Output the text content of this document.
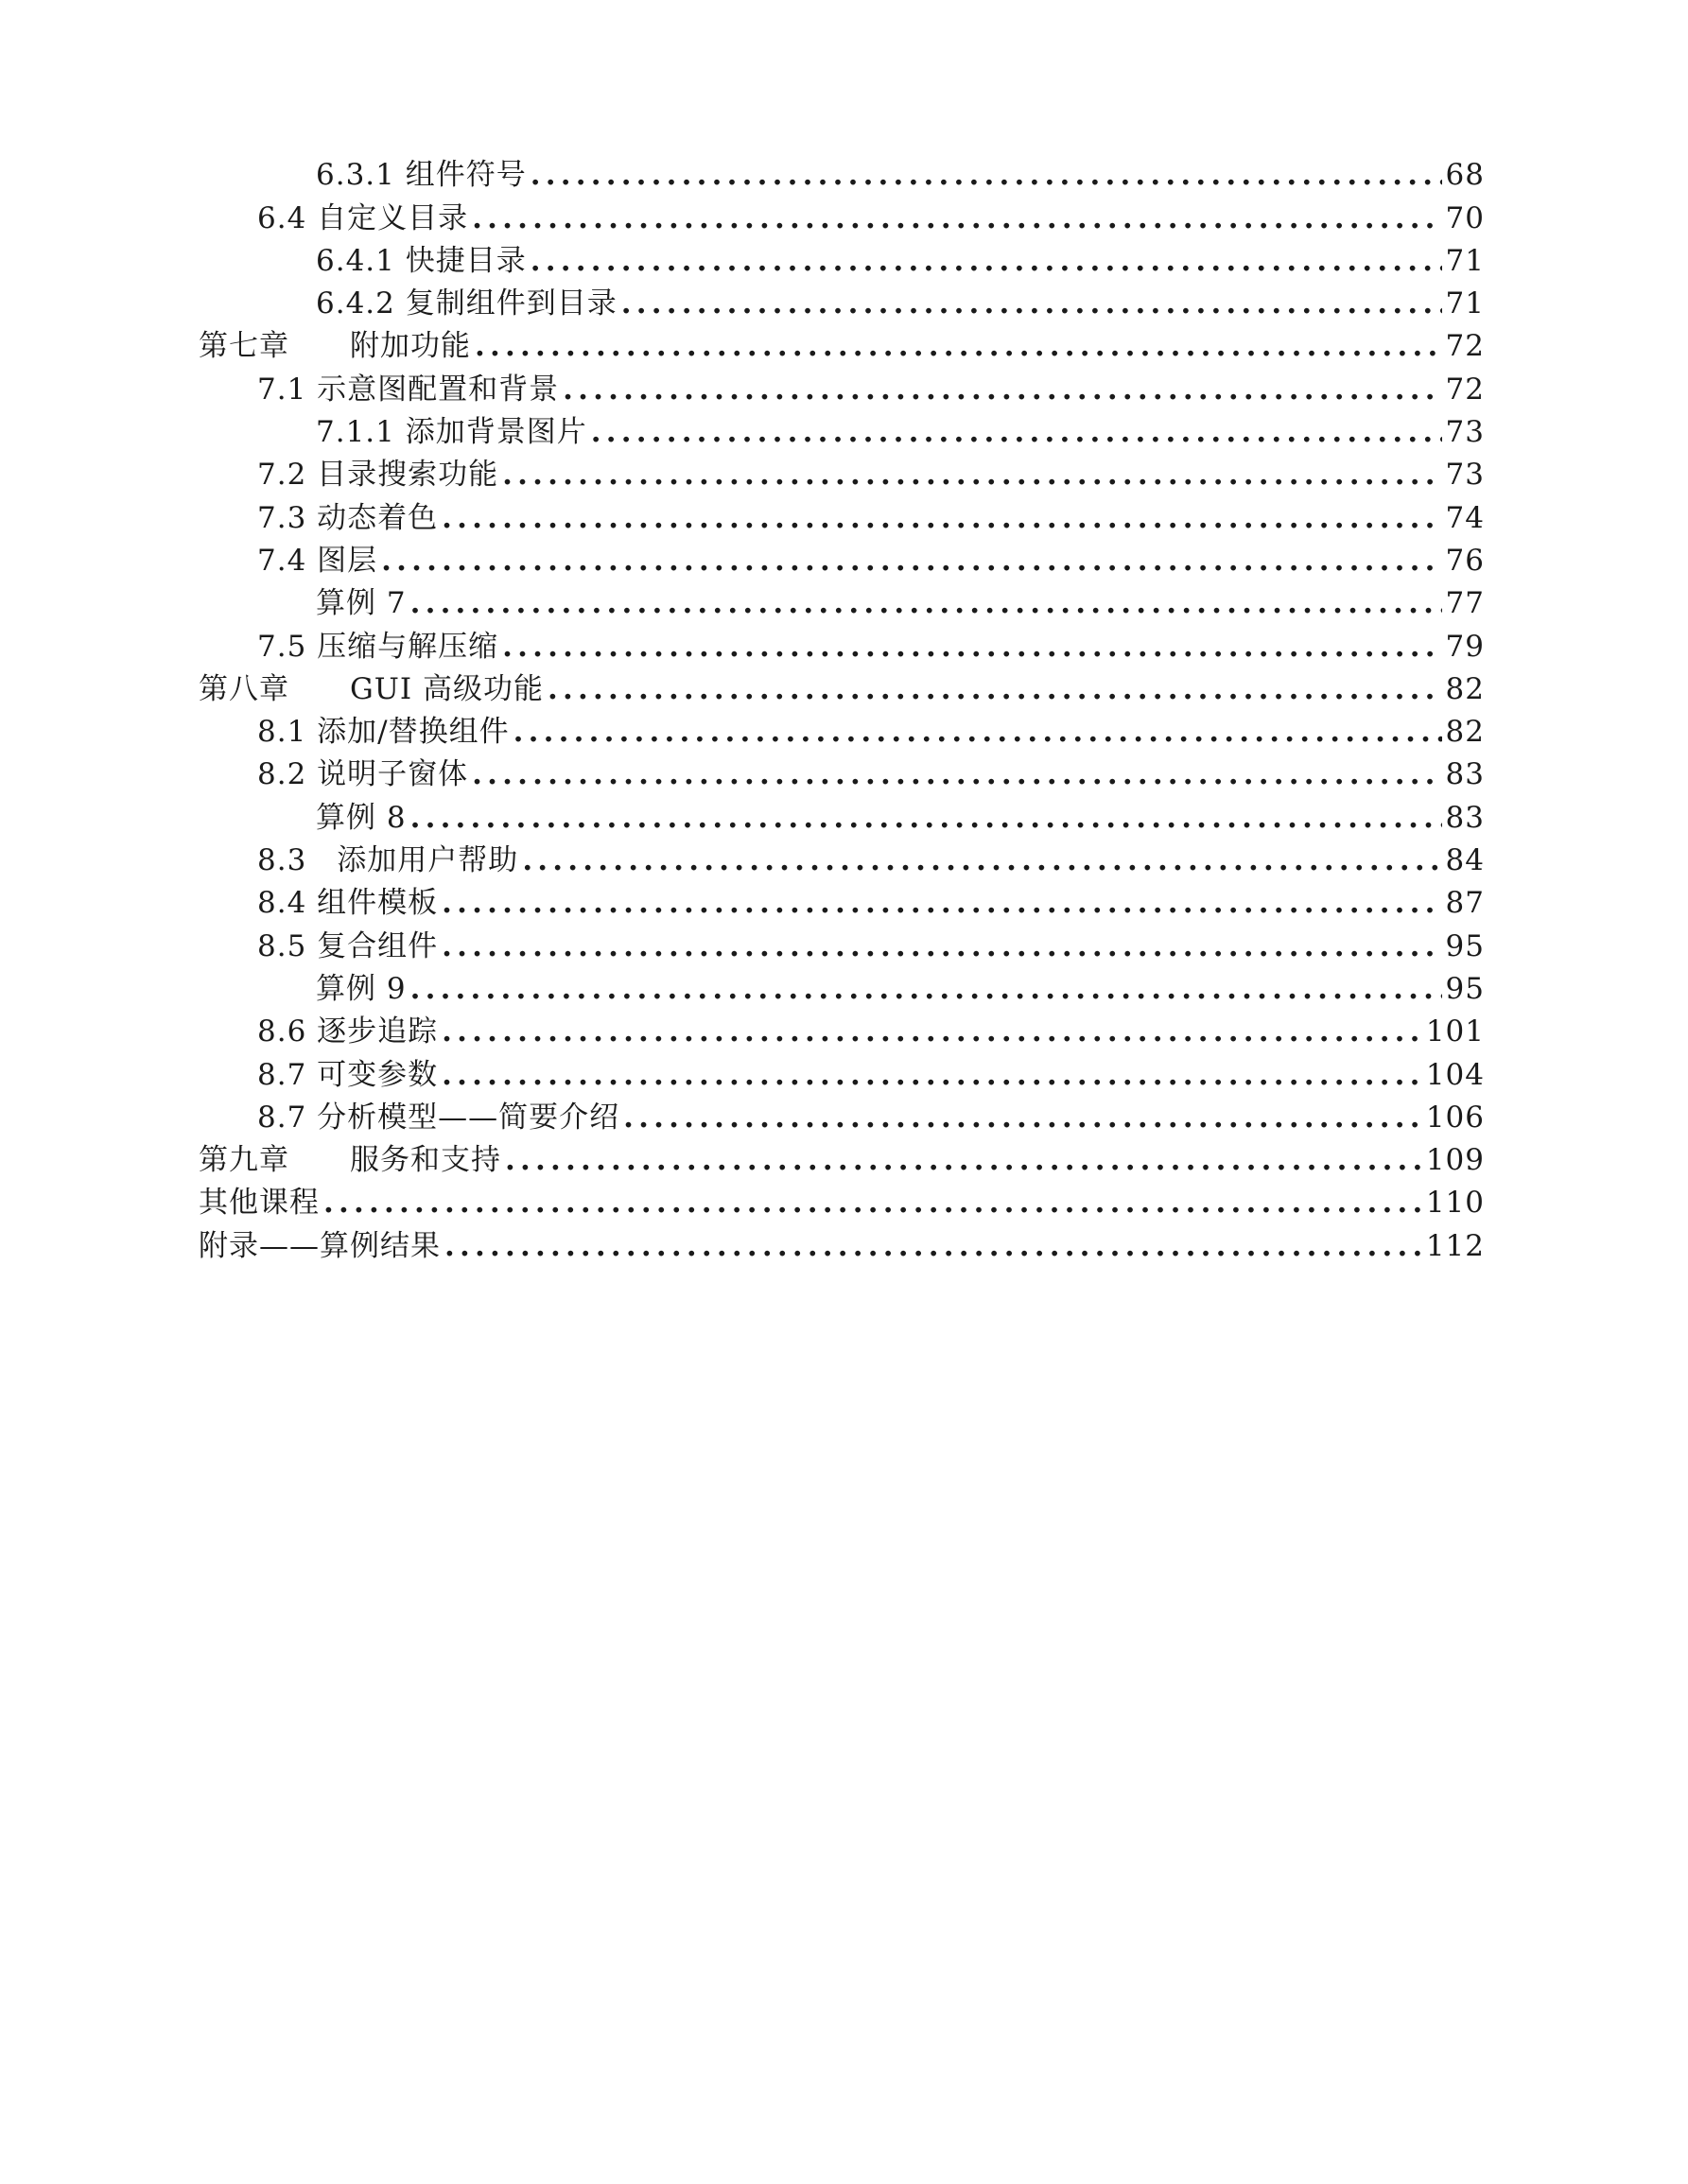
6.3.1 组件符号 .....	68
6.4 自定义目录 .....	70
6.4.1 快捷目录 .....	71
6.4.2 复制组件到目录 .....	71
第七章　　附加功能 .....	72
7.1 示意图配置和背景 .....	72
7.1.1 添加背景图片 .....	73
7.2 目录搜索功能 .....	73
7.3 动态着色 .....	74
7.4 图层 .....	76
算例 7 .....	77
7.5 压缩与解压缩 .....	79
第八章　　GUI 高级功能 .....	82
8.1 添加/替换组件 .....	82
8.2 说明子窗体 .....	83
算例 8 .....	83
8.3　添加用户帮助 .....	84
8.4 组件模板 .....	87
8.5 复合组件 .....	95
算例 9 .....	95
8.6 逐步追踪 .....	101
8.7 可变参数 .....	104
8.7 分析模型——简要介绍 .....	106
第九章　　服务和支持 .....	109
其他课程 .....	110
附录——算例结果 .....	112
